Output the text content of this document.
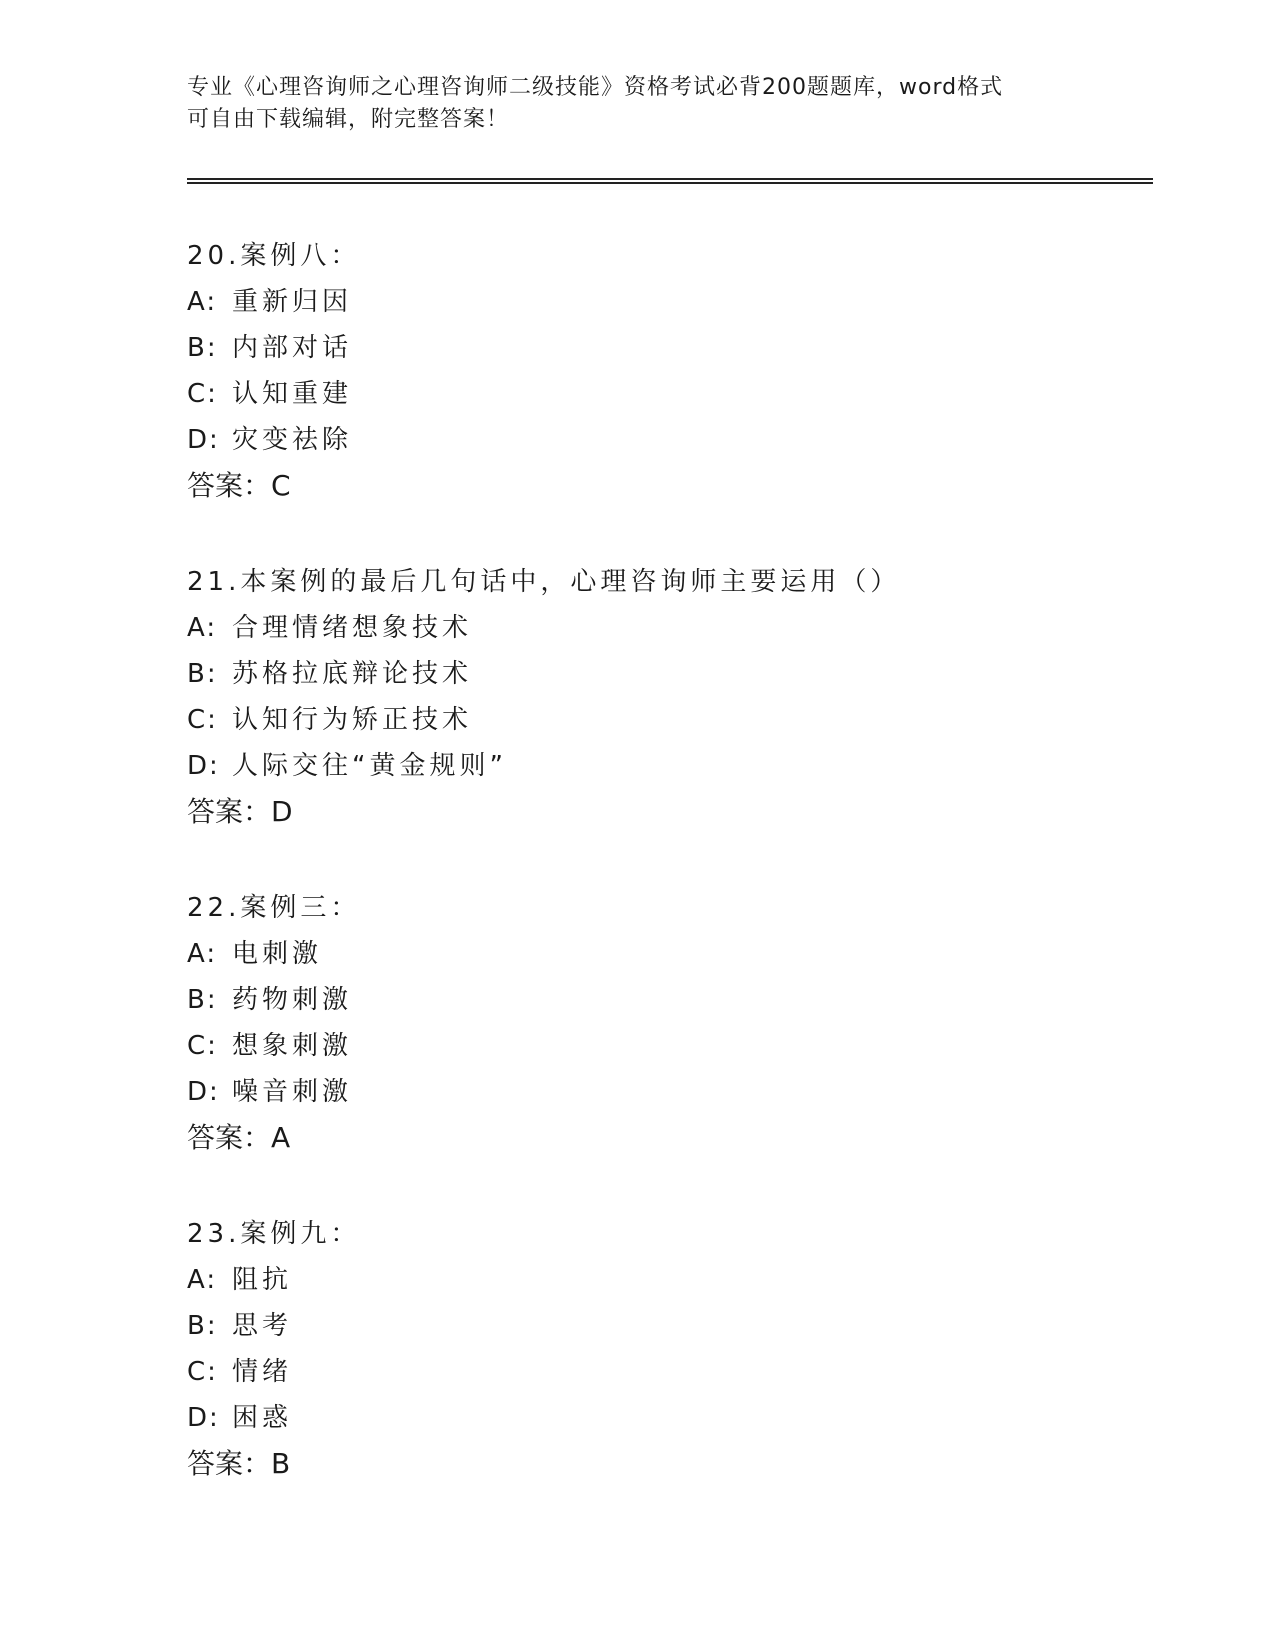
专业《心理咨询师之心理咨询师二级技能》资格考试必背200题题库，word格式
可自由下载编辑，附完整答案！
20.案例八：
A: 重新归因
B: 内部对话
C: 认知重建
D: 灾变祛除
答案：C
21.本案例的最后几句话中，心理咨询师主要运用（）
A: 合理情绪想象技术
B: 苏格拉底辩论技术
C: 认知行为矫正技术
D: 人际交往“黄金规则”
答案：D
22.案例三：
A: 电刺激
B: 药物刺激
C: 想象刺激
D: 噪音刺激
答案：A
23.案例九：
A: 阻抗
B: 思考
C: 情绪
D: 困惑
答案：B
